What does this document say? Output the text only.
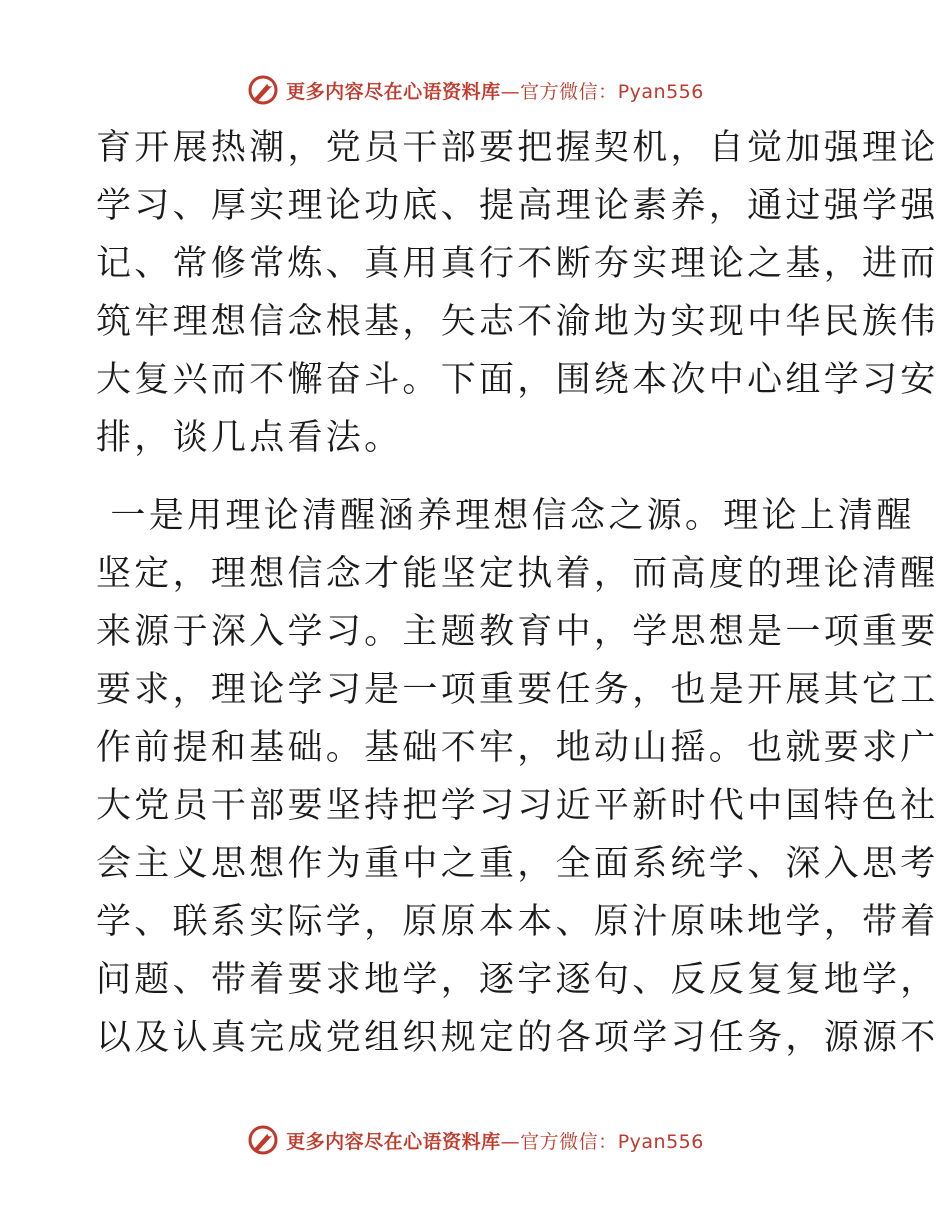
更多内容尽在心语资料库—官方微信：Pyan556
育开展热潮，党员干部要把握契机，自觉加强理论
学习、厚实理论功底、提高理论素养，通过强学强
记、常修常炼、真用真行不断夯实理论之基，进而
筑牢理想信念根基，矢志不渝地为实现中华民族伟
大复兴而不懈奋斗。下面，围绕本次中心组学习安
排，谈几点看法。
一是用理论清醒涵养理想信念之源。理论上清醒
坚定，理想信念才能坚定执着，而高度的理论清醒
来源于深入学习。主题教育中，学思想是一项重要
要求，理论学习是一项重要任务，也是开展其它工
作前提和基础。基础不牢，地动山摇。也就要求广
大党员干部要坚持把学习习近平新时代中国特色社
会主义思想作为重中之重，全面系统学、深入思考
学、联系实际学，原原本本、原汁原味地学，带着
问题、带着要求地学，逐字逐句、反反复复地学，
以及认真完成党组织规定的各项学习任务，源源不
更多内容尽在心语资料库—官方微信：Pyan556
